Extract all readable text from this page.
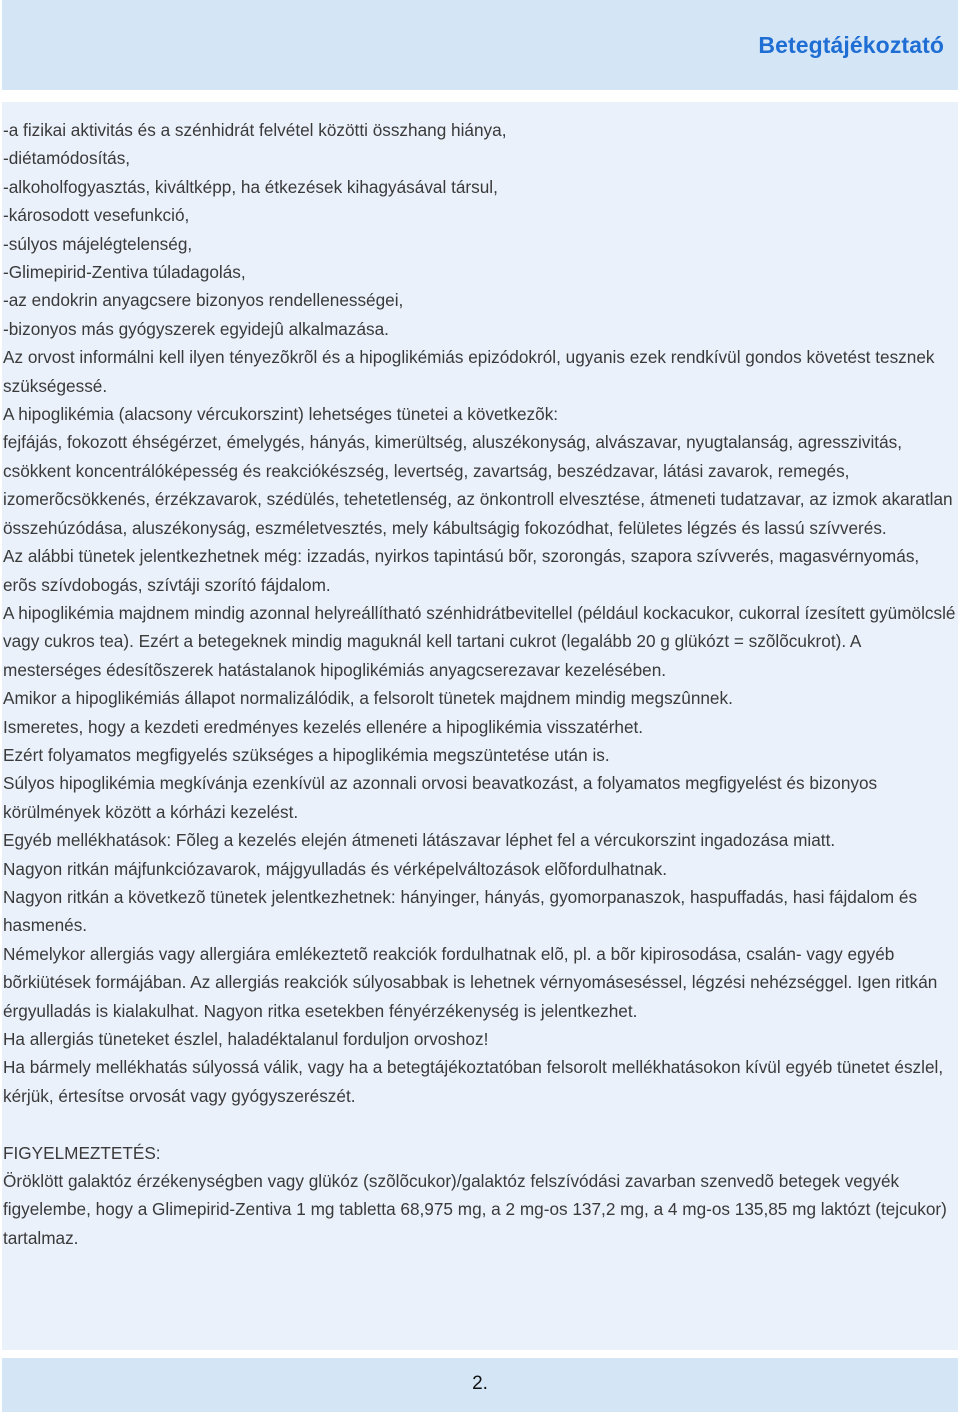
Betegtájékoztató

-a fizikai aktivitás és a szénhidrát felvétel közötti összhang hiánya,

-diétamódosítás,

-alkoholfogyasztás, kiváltképp, ha étkezések kihagyásával társul,

-károsodott vesefunkció,

-súlyos májelégtelenség,

-Glimepirid-Zentiva túladagolás,

-az endokrin anyagcsere bizonyos rendellenességei,

-bizonyos más gyógyszerek egyidejû alkalmazása.

Az orvost informálni kell ilyen tényezõkrõl és a hipoglikémiás epizódokról, ugyanis ezek rendkívül gondos követést tesznek szükségessé.

A hipoglikémia (alacsony vércukorszint) lehetséges tünetei a következõk:

fejfájás, fokozott éhségérzet, émelygés, hányás, kimerültség, aluszékonyság, alvászavar, nyugtalanság, agresszivitás, csökkent koncentrálóképesség és reakciókészség, levertség, zavartság, beszédzavar, látási zavarok, remegés, izomerõcsökkenés, érzékzavarok, szédülés, tehetetlenség, az önkontroll elvesztése, átmeneti tudatzavar, az izmok akaratlan összehúzódása, aluszékonyság, eszméletvesztés, mely kábultságig fokozódhat, felületes légzés és lassú szívverés.

Az alábbi tünetek jelentkezhetnek még: izzadás, nyirkos tapintású bõr, szorongás, szapora szívverés, magasvérnyomás, erõs szívdobogás, szívtáji szorító fájdalom.

A hipoglikémia majdnem mindig azonnal helyreállítható szénhidrátbevitellel (például kockacukor, cukorral ízesített gyümölcslé vagy cukros tea). Ezért a betegeknek mindig maguknál kell tartani cukrot (legalább 20 g glükózt = szõlõcukrot). A mesterséges édesítõszerek hatástalanok hipoglikémiás anyagcserezavar kezelésében.

Amikor a hipoglikémiás állapot normalizálódik, a felsorolt tünetek majdnem mindig megszûnnek.

Ismeretes, hogy a kezdeti eredményes kezelés ellenére a hipoglikémia visszatérhet.

Ezért folyamatos megfigyelés szükséges a hipoglikémia megszüntetése után is.

Súlyos hipoglikémia megkívánja ezenkívül az azonnali orvosi beavatkozást, a folyamatos megfigyelést és bizonyos körülmények között a kórházi kezelést.

Egyéb mellékhatások: Fõleg a kezelés elején átmeneti látászavar léphet fel a vércukorszint ingadozása miatt.

Nagyon ritkán májfunkciózavarok, májgyulladás és vérképelváltozások elõfordulhatnak.

Nagyon ritkán a következõ tünetek jelentkezhetnek: hányinger, hányás, gyomorpanaszok, haspuffadás, hasi fájdalom és hasmenés.

Némelykor allergiás vagy allergiára emlékeztetõ reakciók fordulhatnak elõ, pl. a bõr kipirosodása, csalán- vagy egyéb bõrkiütések formájában. Az allergiás reakciók súlyosabbak is lehetnek vérnyomáseséssel, légzési nehézséggel. Igen ritkán érgyulladás is kialakulhat. Nagyon ritka esetekben fényérzékenység is jelentkezhet.

Ha allergiás tüneteket észlel, haladéktalanul forduljon orvoshoz!

Ha bármely mellékhatás súlyossá válik, vagy ha a betegtájékoztatóban felsorolt mellékhatásokon kívül egyéb tünetet észlel, kérjük, értesítse orvosát vagy gyógyszerészét.

FIGYELMEZTETÉS:

Öröklött galaktóz érzékenységben vagy glükóz (szõlõcukor)/galaktóz felszívódási zavarban szenvedõ betegek vegyék figyelembe, hogy a Glimepirid-Zentiva 1 mg tabletta 68,975 mg, a 2 mg-os 137,2 mg, a 4 mg-os 135,85 mg laktózt (tejcukor) tartalmaz.

2.
